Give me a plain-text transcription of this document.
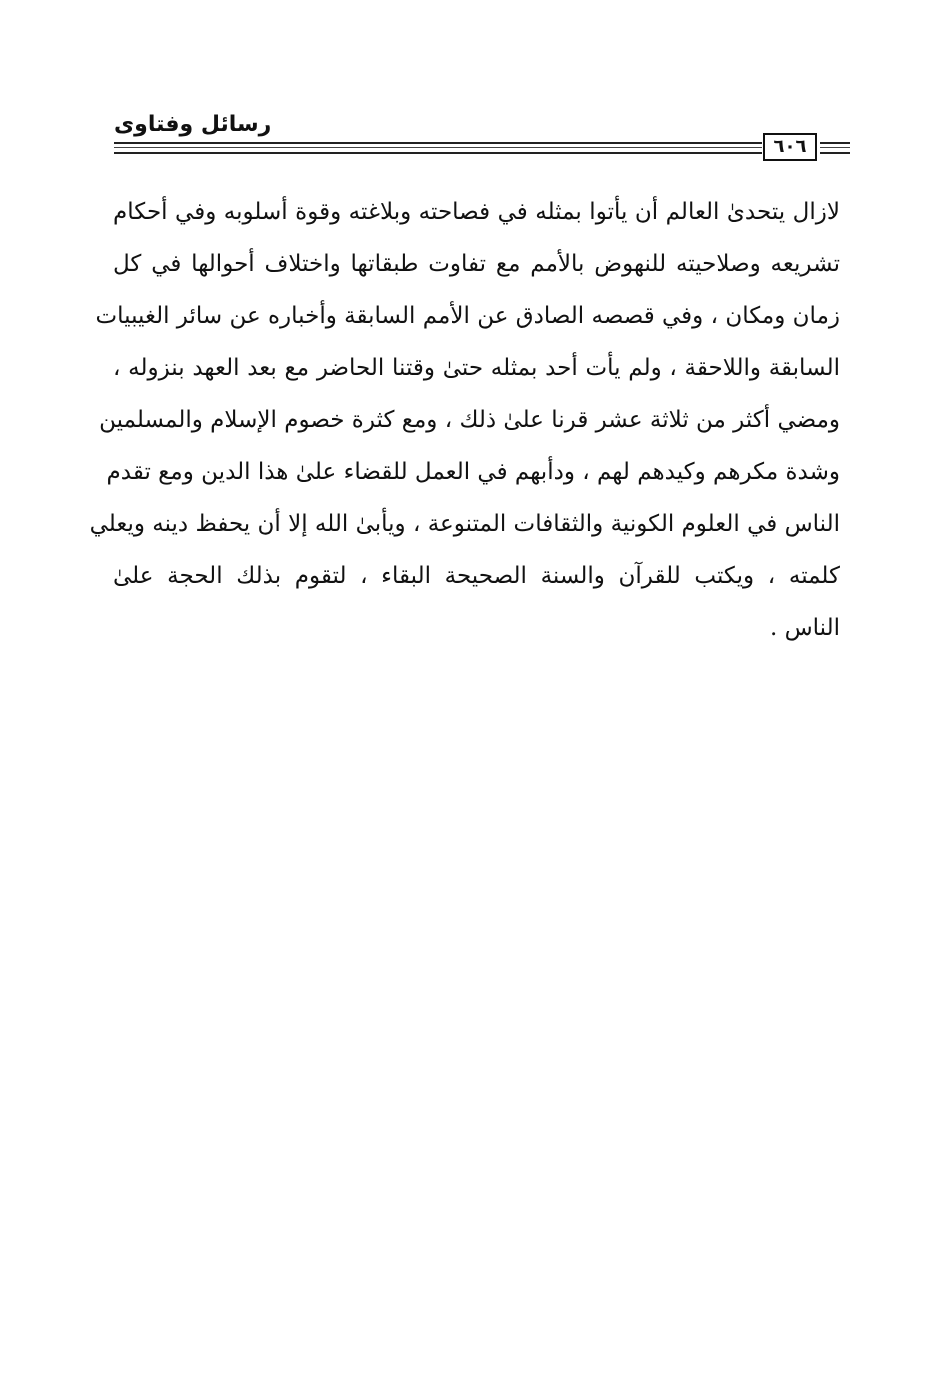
رسائل وفتاوى
٦٠٦
لازال يتحدىٰ العالم أن يأتوا بمثله في فصاحته وبلاغته وقوة أسلوبه وفي أحكام
تشريعه وصلاحيته للنهوض بالأمم مع تفاوت طبقاتها واختلاف أحوالها في كل
زمان ومكان ، وفي قصصه الصادق عن الأمم السابقة وأخباره عن سائر الغيبيات
السابقة واللاحقة ، ولم يأت أحد بمثله حتىٰ وقتنا الحاضر مع بعد العهد بنزوله ،
ومضي أكثر من ثلاثة عشر قرنا علىٰ ذلك ، ومع كثرة خصوم الإسلام والمسلمين
وشدة مكرهم وكيدهم لهم ، ودأبهم في العمل للقضاء علىٰ هذا الدين ومع تقدم
الناس في العلوم الكونية والثقافات المتنوعة ، ويأبىٰ الله إلا أن يحفظ دينه ويعلي
كلمته ، ويكتب للقرآن والسنة الصحيحة البقاء ، لتقوم بذلك الحجة علىٰ
الناس .
